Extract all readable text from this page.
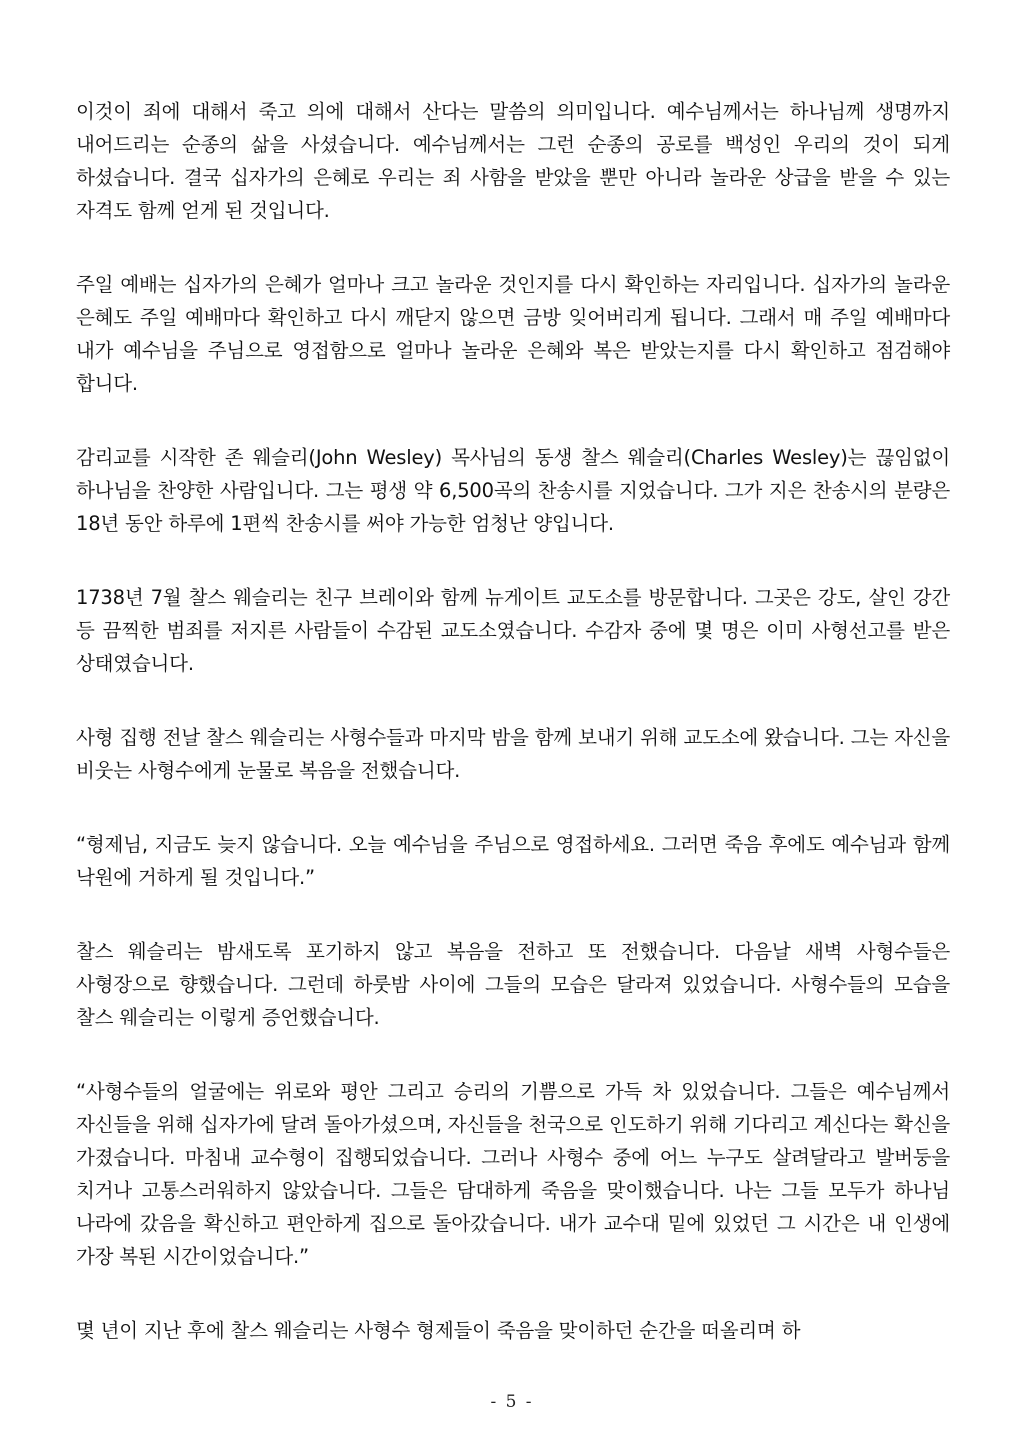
이것이 죄에 대해서 죽고 의에 대해서 산다는 말씀의 의미입니다. 예수님께서는 하나님께 생명까지 내어드리는 순종의 삶을 사셨습니다. 예수님께서는 그런 순종의 공로를 백성인 우리의 것이 되게 하셨습니다. 결국 십자가의 은혜로 우리는 죄 사함을 받았을 뿐만 아니라 놀라운 상급을 받을 수 있는 자격도 함께 얻게 된 것입니다.

주일 예배는 십자가의 은혜가 얼마나 크고 놀라운 것인지를 다시 확인하는 자리입니다. 십자가의 놀라운 은혜도 주일 예배마다 확인하고 다시 깨닫지 않으면 금방 잊어버리게 됩니다. 그래서 매 주일 예배마다 내가 예수님을 주님으로 영접함으로 얼마나 놀라운 은혜와 복은 받았는지를 다시 확인하고 점검해야 합니다.

감리교를 시작한 존 웨슬리(John Wesley) 목사님의 동생 찰스 웨슬리(Charles Wesley)는 끊임없이 하나님을 찬양한 사람입니다. 그는 평생 약 6,500곡의 찬송시를 지었습니다. 그가 지은 찬송시의 분량은 18년 동안 하루에 1편씩 찬송시를 써야 가능한 엄청난 양입니다.

1738년 7월 찰스 웨슬리는 친구 브레이와 함께 뉴게이트 교도소를 방문합니다. 그곳은 강도, 살인 강간 등 끔찍한 범죄를 저지른 사람들이 수감된 교도소였습니다. 수감자 중에 몇 명은 이미 사형선고를 받은 상태였습니다.

사형 집행 전날 찰스 웨슬리는 사형수들과 마지막 밤을 함께 보내기 위해 교도소에 왔습니다. 그는 자신을 비웃는 사형수에게 눈물로 복음을 전했습니다.

“형제님, 지금도 늦지 않습니다. 오늘 예수님을 주님으로 영접하세요. 그러면 죽음 후에도 예수님과 함께 낙원에 거하게 될 것입니다.”

찰스 웨슬리는 밤새도록 포기하지 않고 복음을 전하고 또 전했습니다. 다음날 새벽 사형수들은 사형장으로 향했습니다. 그런데 하룻밤 사이에 그들의 모습은 달라져 있었습니다. 사형수들의 모습을 찰스 웨슬리는 이렇게 증언했습니다.

“사형수들의 얼굴에는 위로와 평안 그리고 승리의 기쁨으로 가득 차 있었습니다. 그들은 예수님께서 자신들을 위해 십자가에 달려 돌아가셨으며, 자신들을 천국으로 인도하기 위해 기다리고 계신다는 확신을 가졌습니다. 마침내 교수형이 집행되었습니다. 그러나 사형수 중에 어느 누구도 살려달라고 발버둥을 치거나 고통스러워하지 않았습니다. 그들은 담대하게 죽음을 맞이했습니다. 나는 그들 모두가 하나님 나라에 갔음을 확신하고 편안하게 집으로 돌아갔습니다. 내가 교수대 밑에 있었던 그 시간은 내 인생에 가장 복된 시간이었습니다.”

몇 년이 지난 후에 찰스 웨슬리는 사형수 형제들이 죽음을 맞이하던 순간을 떠올리며 하

- 5 -
